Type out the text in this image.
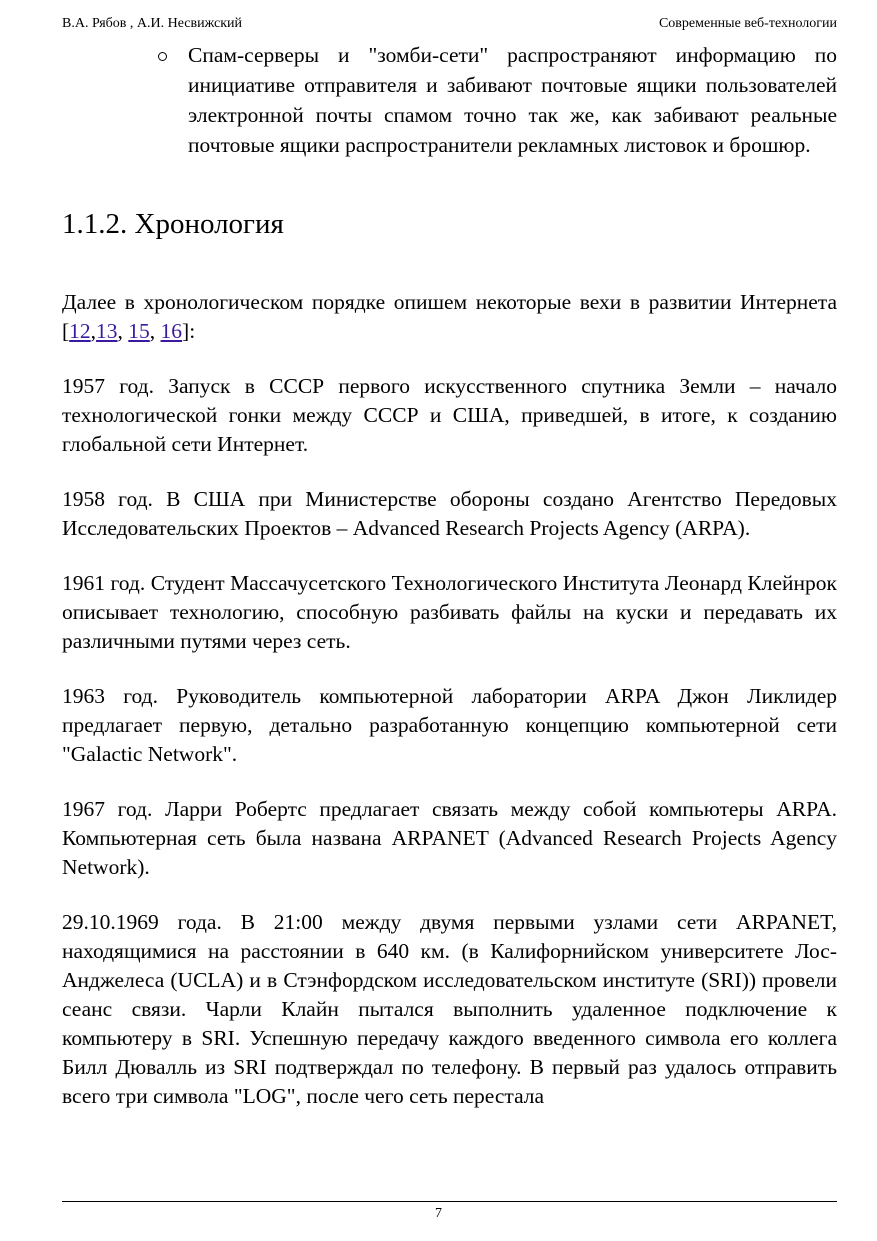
В.А. Рябов , А.И. Несвижский	Современные веб-технологии
Спам-серверы и "зомби-сети" распространяют информацию по инициативе отправителя и забивают почтовые ящики пользователей электронной почты спамом точно так же, как забивают реальные почтовые ящики распространители рекламных листовок и брошюр.
1.1.2. Хронология

Далее в хронологическом порядке опишем некоторые вехи в развитии Интернета [12,13, 15, 16]:

1957 год. Запуск в СССР первого искусственного спутника Земли – начало технологической гонки между СССР и США, приведшей, в итоге, к созданию глобальной сети Интернет.

1958 год. В США при Министерстве обороны создано Агентство Передовых Исследовательских Проектов – Advanced Research Projects Agency (ARPA).

1961 год. Студент Массачусетского Технологического Института Леонард Клейнрок описывает технологию, способную разбивать файлы на куски и передавать их различными путями через сеть.

1963 год. Руководитель компьютерной лаборатории ARPA Джон Ликлидер предлагает первую, детально разработанную концепцию компьютерной сети "Galactic Network".

1967 год. Ларри Робертс предлагает связать между собой компьютеры ARPA. Компьютерная сеть была названа ARPANET (Advanced Research Projects Agency Network).

29.10.1969 года. В 21:00 между двумя первыми узлами сети ARPANET, находящимися на расстоянии в 640 км. (в Калифорнийском университете Лос-Анджелеса (UCLA) и в Стэнфордском исследовательском институте (SRI)) провели сеанс связи. Чарли Клайн пытался выполнить удаленное подключение к компьютеру в SRI. Успешную передачу каждого введенного символа его коллега Билл Дювалль из SRI подтверждал по телефону. В первый раз удалось отправить всего три символа "LOG", после чего сеть перестала

7
